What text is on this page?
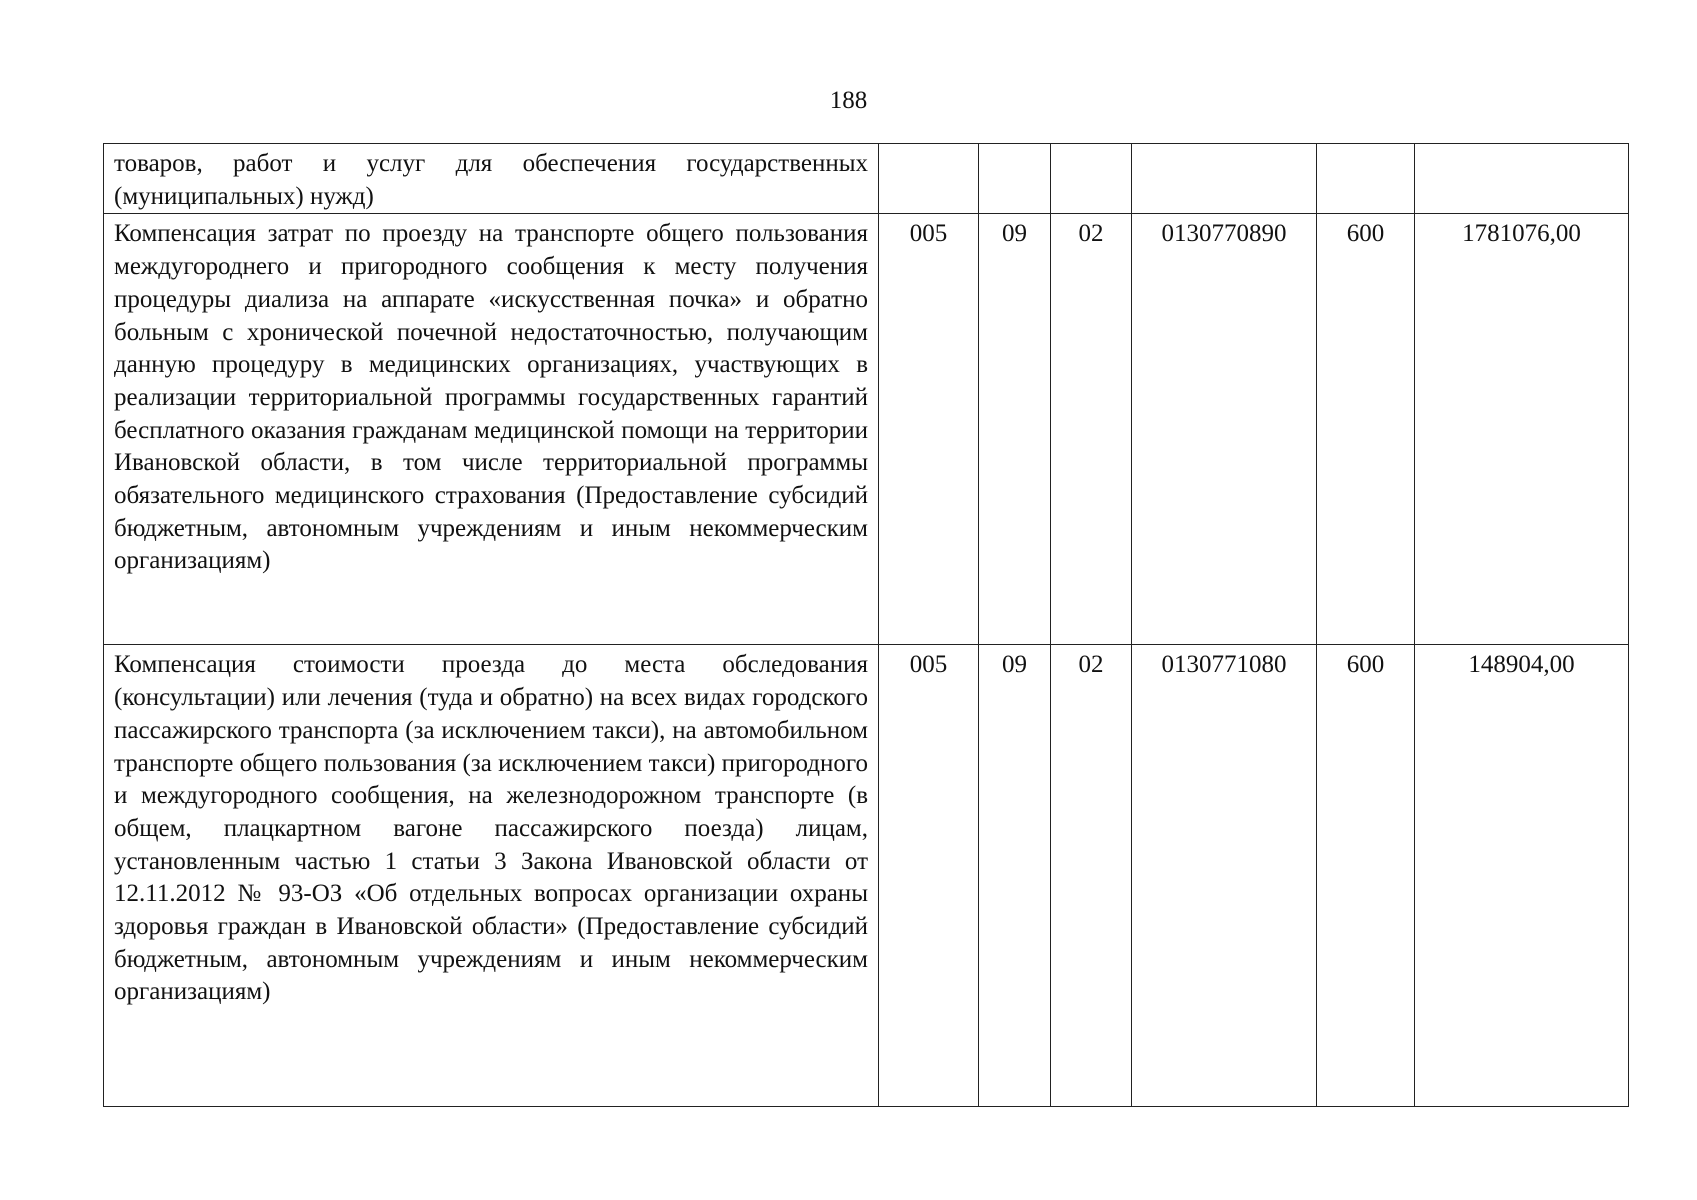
188
товаров, работ и услуг для обеспечения государственных (муниципальных) нужд)						
Компенсация затрат по проезду на транспорте общего пользования междугороднего и пригородного сообщения к месту получения процедуры диализа на аппарате «искусственная почка» и обратно больным с хронической почечной недостаточностью, получающим данную процедуру в медицинских организациях, участвующих в реализации территориальной программы государственных гарантий бесплатного оказания гражданам медицинской помощи на территории Ивановской области, в том числе территориальной программы обязательного медицинского страхования (Предоставление субсидий бюджетным, автономным учреждениям и иным некоммерческим организациям)	005	09	02	0130770890	600	1781076,00
Компенсация стоимости проезда до места обследования (консультации) или лечения (туда и обратно) на всех видах городского пассажирского транспорта (за исключением такси), на автомобильном транспорте общего пользования (за исключением такси) пригородного и междугородного сообщения, на железнодорожном транспорте (в общем, плацкартном вагоне пассажирского поезда) лицам, установленным частью 1 статьи 3 Закона Ивановской области от 12.11.2012 № 93-ОЗ «Об отдельных вопросах организации охраны здоровья граждан в Ивановской области» (Предоставление субсидий бюджетным, автономным учреждениям и иным некоммерческим организациям)	005	09	02	0130771080	600	148904,00
